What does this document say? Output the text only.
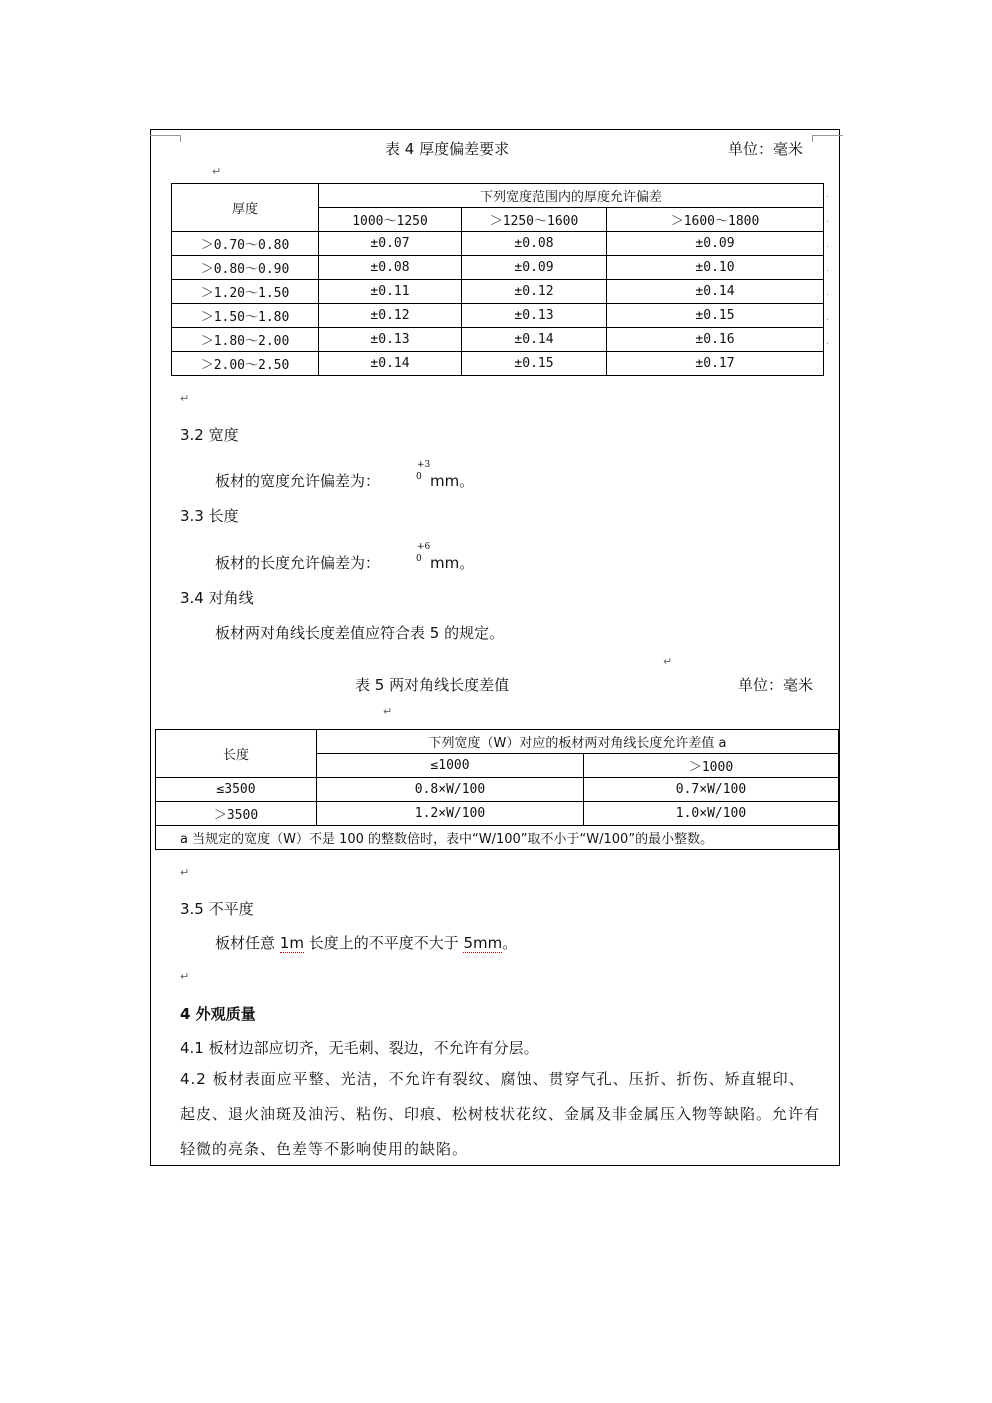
表 4 厚度偏差要求	单位：毫米
↵
厚度	下列宽度范围内的厚度允许偏差		
	1000～1250	＞1250～1600	＞1600～1800
＞0.70～0.80	±0.07	±0.08	±0.09
＞0.80～0.90	±0.08	±0.09	±0.10
＞1.20～1.50	±0.11	±0.12	±0.14
＞1.50～1.80	±0.12	±0.13	±0.15
＞1.80～2.00	±0.13	±0.14	±0.16
＞2.00～2.50	±0.14	±0.15	±0.17
.
.
.
.
.
.
.
↵
3.2 宽度
板材的宽度允许偏差为：
+3
0 mm。
3.3 长度
板材的长度允许偏差为：
+6
0 mm。
3.4 对角线
板材两对角线长度差值应符合表 5 的规定。
↵
表 5 两对角线长度差值	单位：毫米
↵
长度	下列宽度（W）对应的板材两对角线长度允许差值 a	
	≤1000	＞1000
≤3500	0.8×W/100	0.7×W/100
＞3500	1.2×W/100	1.0×W/100
a 当规定的宽度（W）不是 100 的整数倍时，表中“W/100”取不小于“W/100”的最小整数。		
↵
3.5 不平度
板材任意 1m 长度上的不平度不大于 5mm。
↵
4 外观质量
4.1 板材边部应切齐，无毛刺、裂边，不允许有分层。
4.2 板材表面应平整、光洁，不允许有裂纹、腐蚀、贯穿气孔、压折、折伤、矫直辊印、起皮、退火油斑及油污、粘伤、印痕、松树枝状花纹、金属及非金属压入物等缺陷。允许有轻微的亮条、色差等不影响使用的缺陷。
